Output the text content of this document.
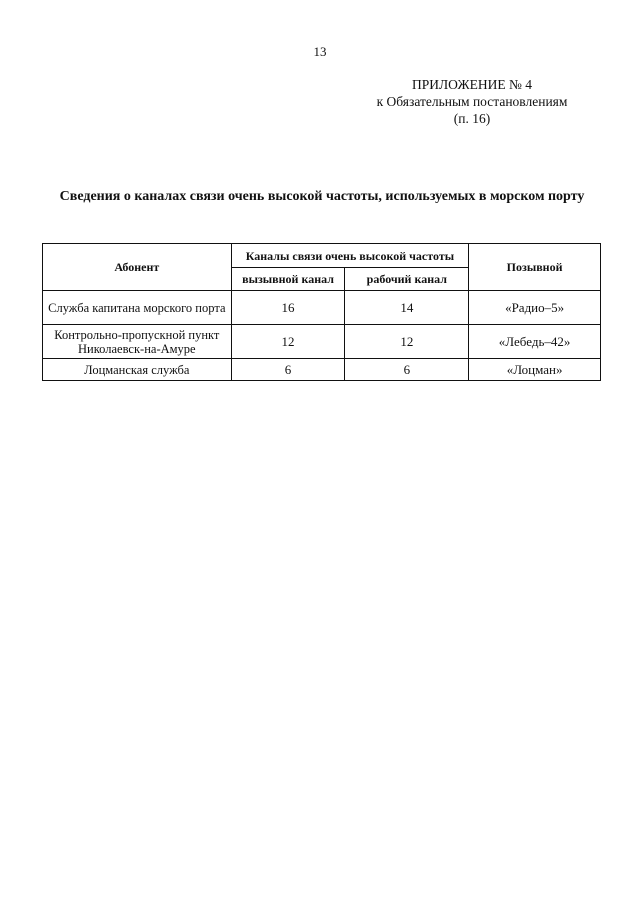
13
ПРИЛОЖЕНИЕ № 4
к Обязательным постановлениям
(п. 16)
Сведения о каналах связи очень высокой частоты, используемых в морском порту
Абонент	Каналы связи очень высокой частоты		Позывной
	вызывной канал	рабочий канал	
Служба капитана морского порта	16	14	«Радио–5»
Контрольно-пропускной пункт Николаевск-на-Амуре	12	12	«Лебедь–42»
Лоцманская служба	6	6	«Лоцман»
